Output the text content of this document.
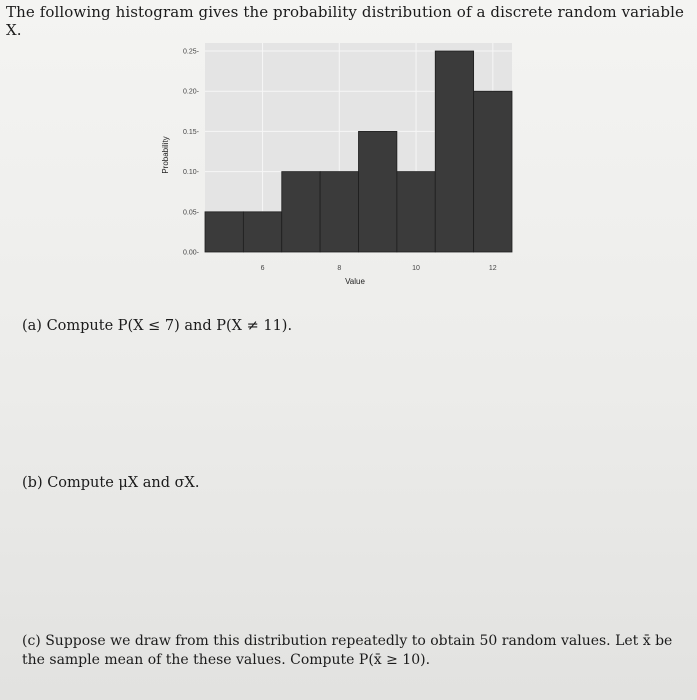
The following histogram gives the probability distribution of a discrete random variable X.
0.00-
0.05-
0.10-
0.15-
0.20-
0.25-
6	8	10	12
Probability
Value
(a) Compute P(X ≤ 7) and P(X ≠ 11).
(b) Compute μX and σX.
(c) Suppose we draw from this distribution repeatedly to obtain 50 random values. Let x̄ be the sample mean of the these values. Compute P(x̄ ≥ 10).
